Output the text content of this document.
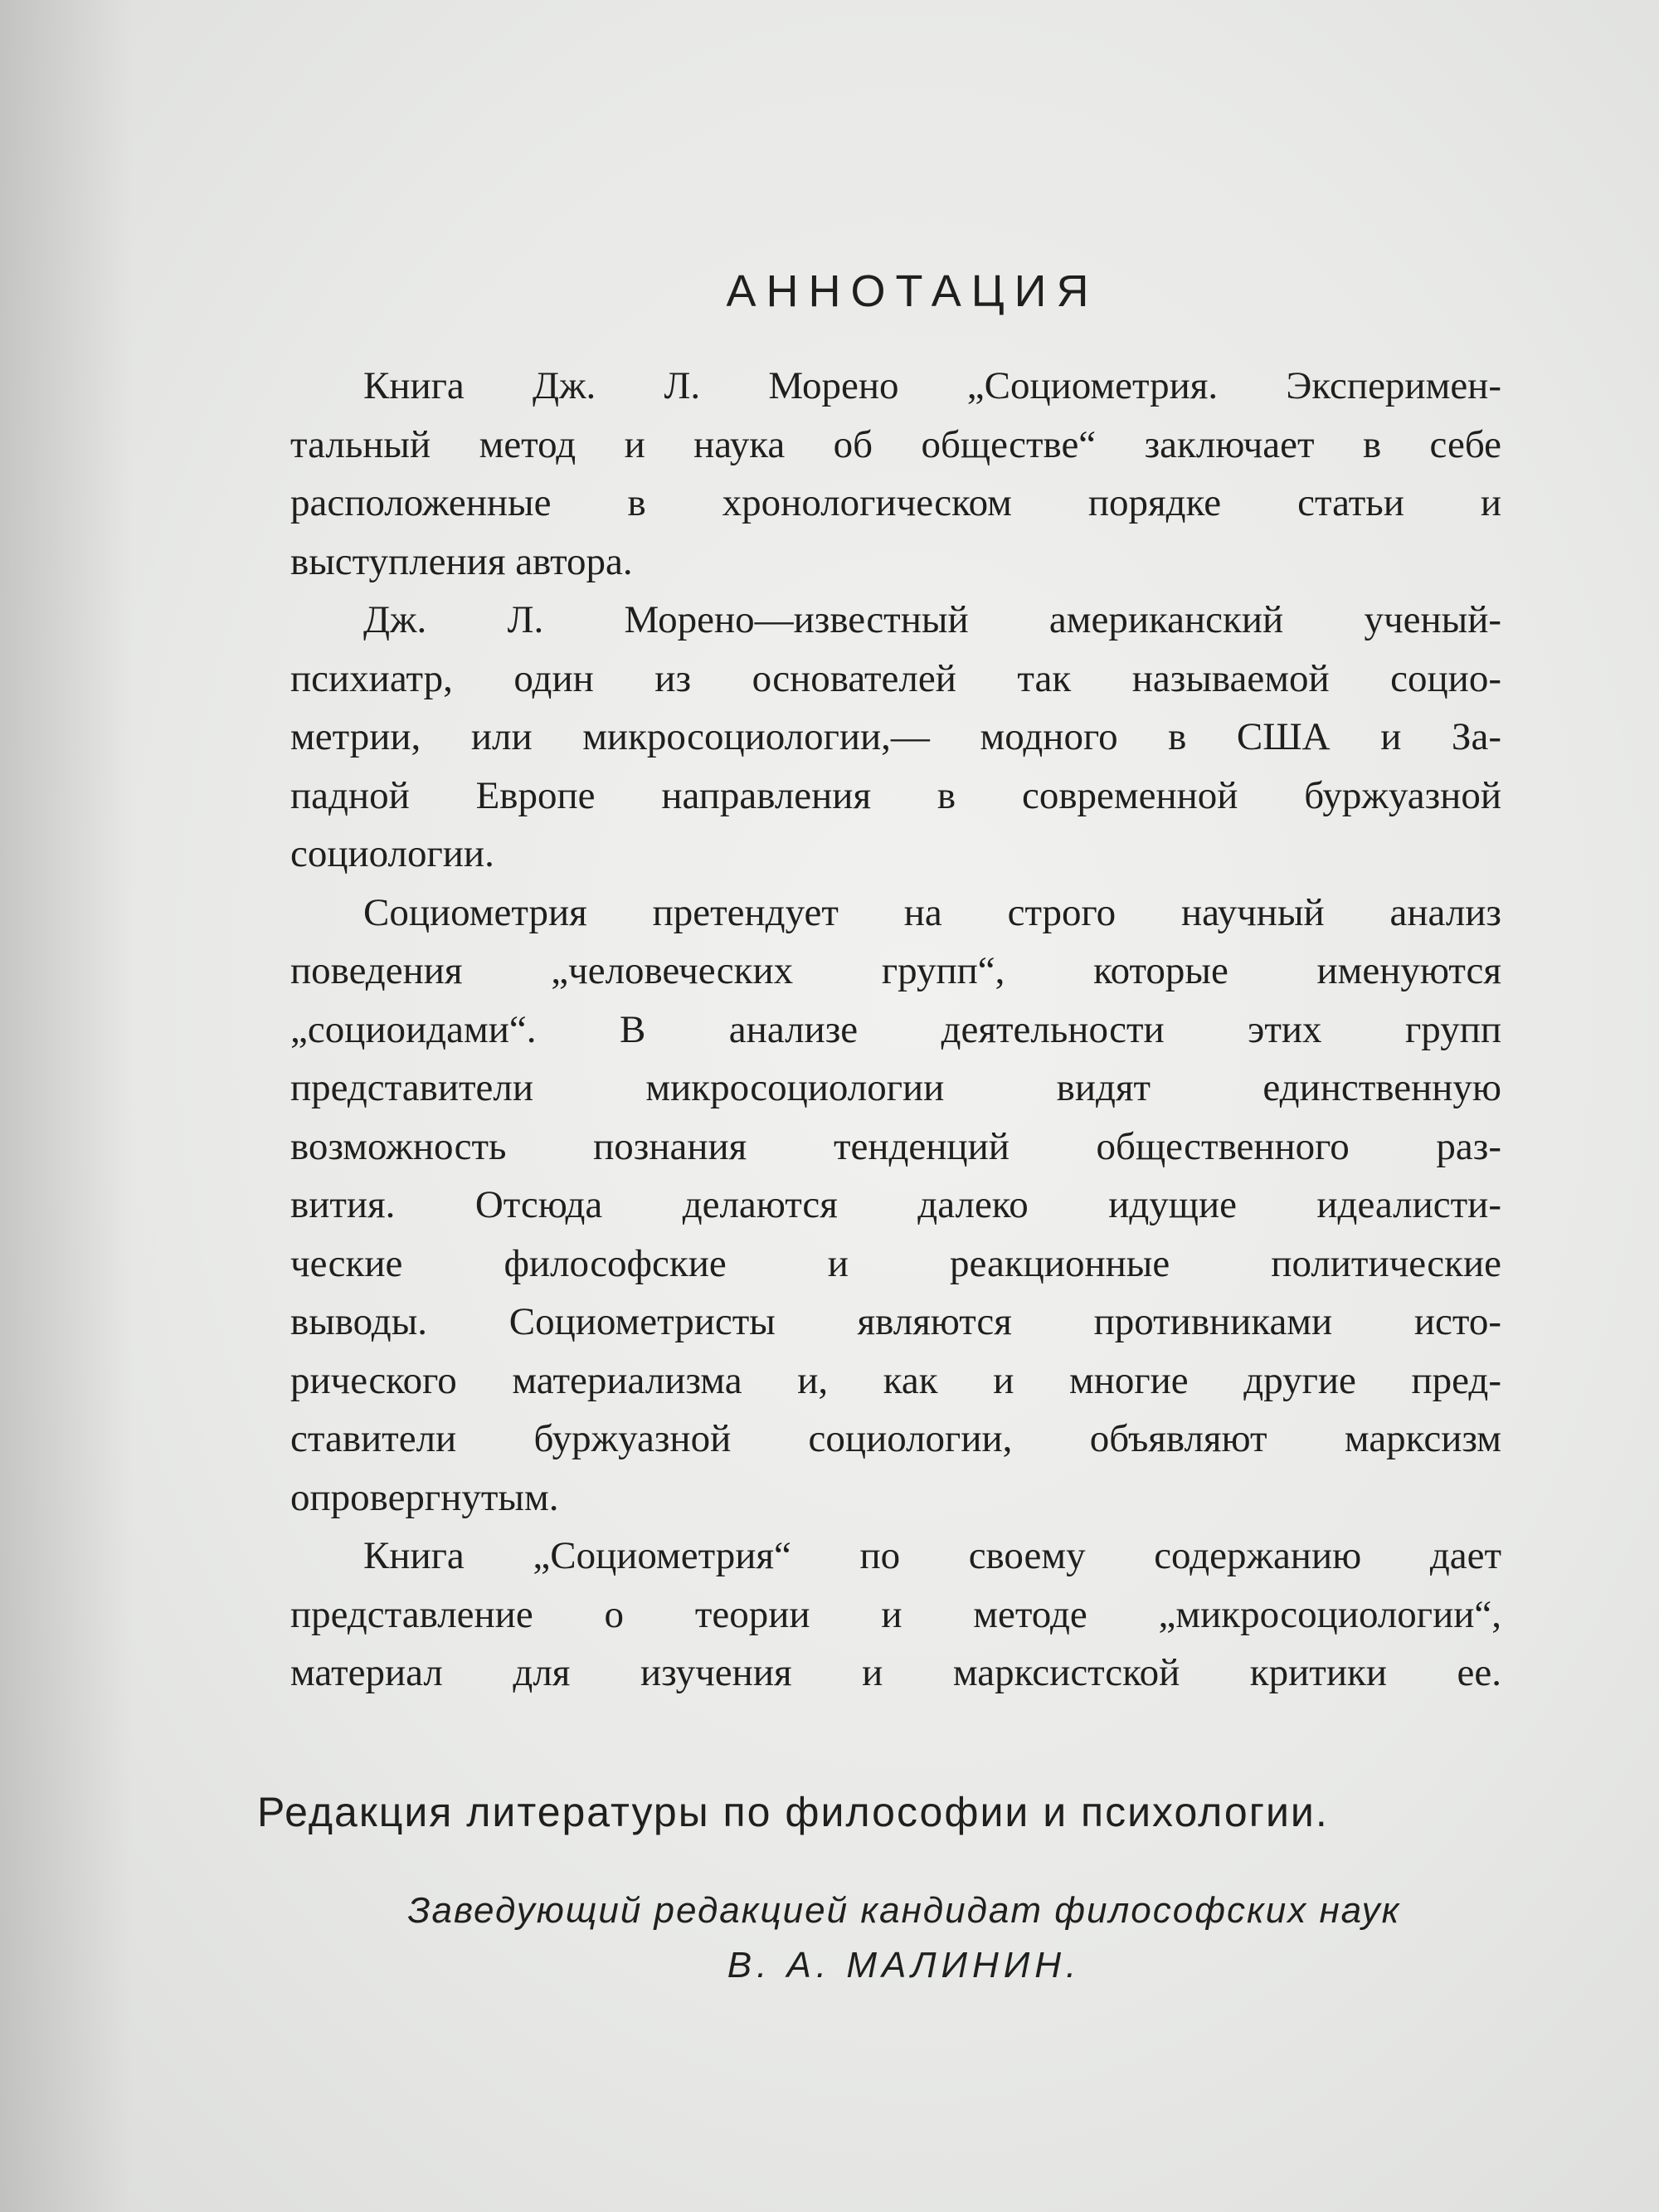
АННОТАЦИЯ

Книга Дж. Л. Морено „Социометрия. Эксперимен-
тальный метод и наука об обществе“ заключает в себе
расположенные в хронологическом порядке статьи и
выступления автора.

Дж. Л. Морено—известный американский ученый-
психиатр, один из основателей так называемой социо-
метрии, или микросоциологии,— модного в США и За-
падной Европе направления в современной буржуазной
социологии.

Социометрия претендует на строго научный анализ
поведения „человеческих групп“, которые именуются
„социоидами“. В анализе деятельности этих групп
представители микросоциологии видят единственную
возможность познания тенденций общественного раз-
вития. Отсюда делаются далеко идущие идеалисти-
ческие философские и реакционные политические
выводы. Социометристы являются противниками исто-
рического материализма и, как и многие другие пред-
ставители буржуазной социологии, объявляют марксизм
опровергнутым.

Книга „Социометрия“ по своему содержанию дает
представление о теории и методе „микросоциологии“,
материал для изучения и марксистской критики ее.

Редакция литературы по философии и психологии.
Заведующий редакцией кандидат философских наук
В. А. МАЛИНИН.
